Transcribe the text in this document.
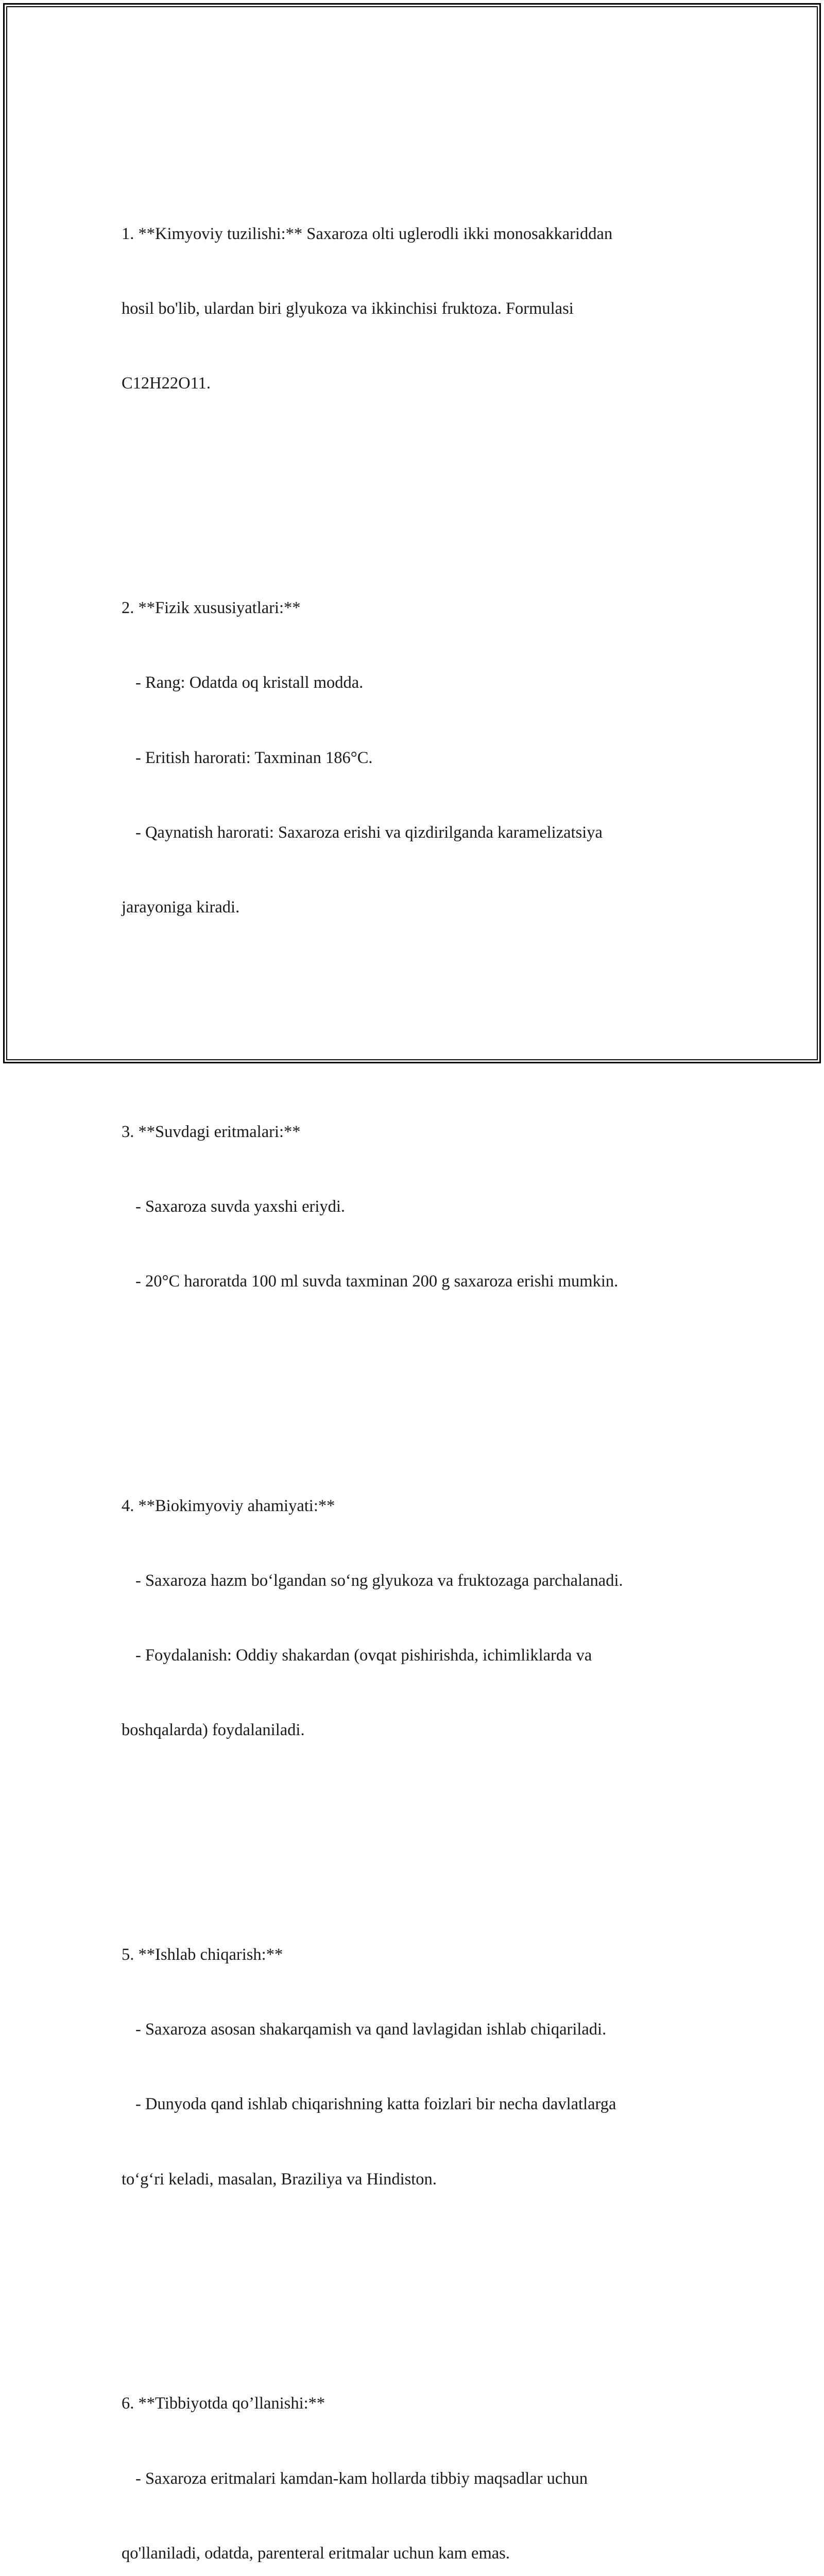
1. **Kimyoviy tuzilishi:** Saxaroza olti uglerodli ikki monosakkariddan

hosil bo'lib, ulardan biri glyukoza va ikkinchisi fruktoza. Formulasi

C12H22O11.

2. **Fizik xususiyatlari:**

- Rang: Odatda oq kristall modda.

- Eritish harorati: Taxminan 186°C.

- Qaynatish harorati: Saxaroza erishi va qizdirilganda karamelizatsiya

jarayoniga kiradi.

3. **Suvdagi eritmalari:**

- Saxaroza suvda yaxshi eriydi.

- 20°C haroratda 100 ml suvda taxminan 200 g saxaroza erishi mumkin.

4. **Biokimyoviy ahamiyati:**

- Saxaroza hazm boʻlgandan soʻng glyukoza va fruktozaga parchalanadi.

- Foydalanish: Oddiy shakardan (ovqat pishirishda, ichimliklarda va

boshqalarda) foydalaniladi.

5. **Ishlab chiqarish:**

- Saxaroza asosan shakarqamish va qand lavlagidan ishlab chiqariladi.

- Dunyoda qand ishlab chiqarishning katta foizlari bir necha davlatlarga

toʻgʻri keladi, masalan, Braziliya va Hindiston.

6. **Tibbiyotda qo’llanishi:**

- Saxaroza eritmalari kamdan-kam hollarda tibbiy maqsadlar uchun

qo'llaniladi, odatda, parenteral eritmalar uchun kam emas.
